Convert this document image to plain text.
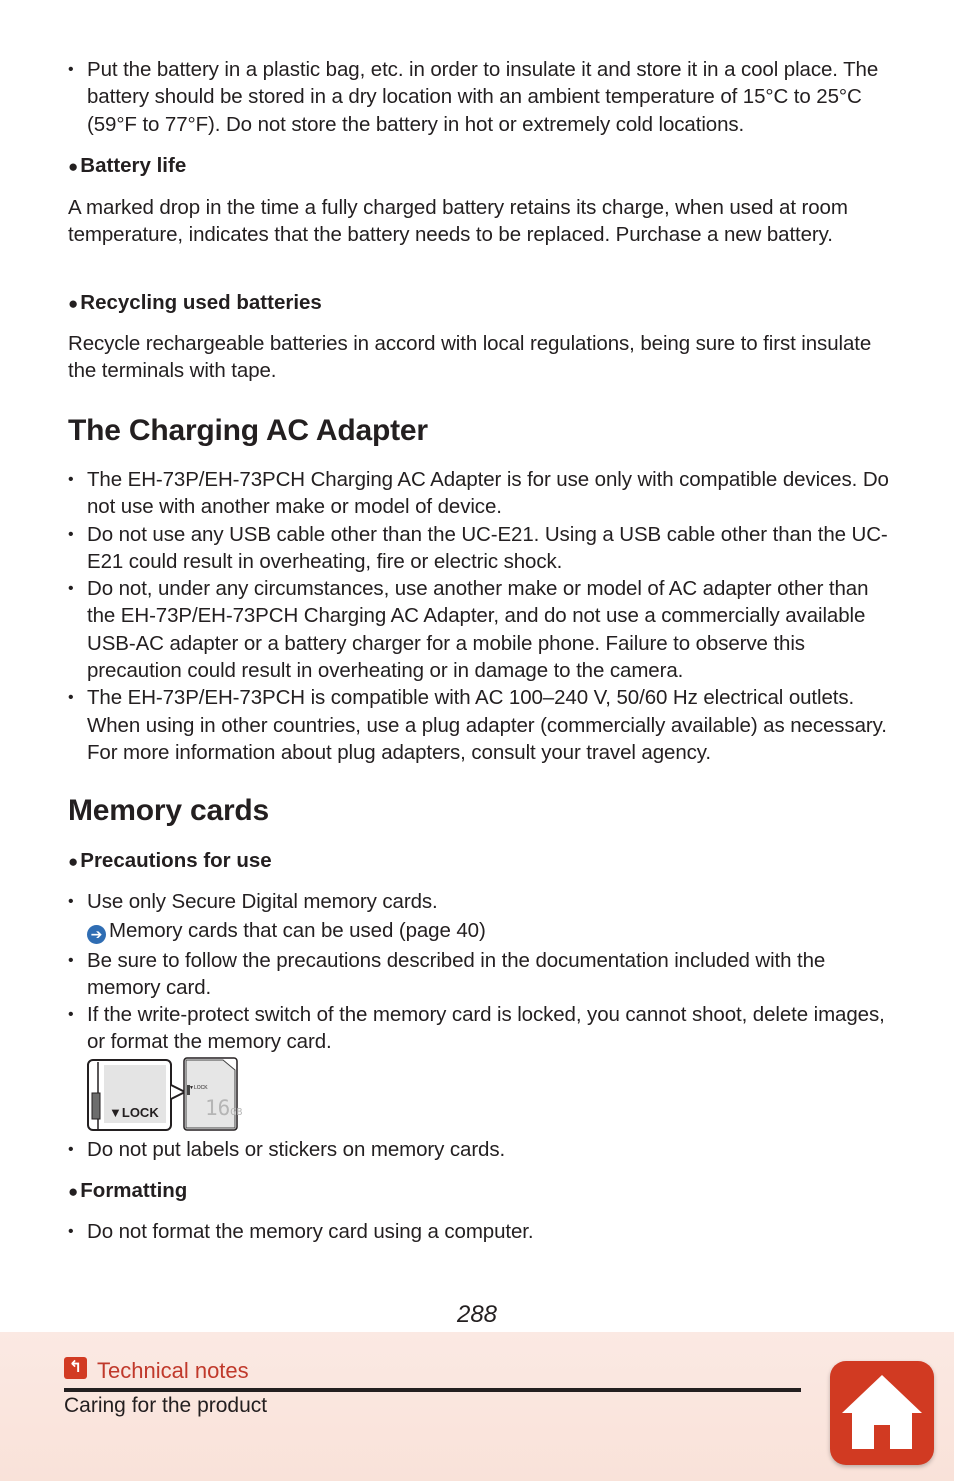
• Put the battery in a plastic bag, etc. in order to insulate it and store it in a cool place. The battery should be stored in a dry location with an ambient temperature of 15°C to 25°C (59°F to 77°F). Do not store the battery in hot or extremely cold locations.

●Battery life

A marked drop in the time a fully charged battery retains its charge, when used at room temperature, indicates that the battery needs to be replaced. Purchase a new battery.

●Recycling used batteries

Recycle rechargeable batteries in accord with local regulations, being sure to first insulate the terminals with tape.

The Charging AC Adapter
• The EH-73P/EH-73PCH Charging AC Adapter is for use only with compatible devices. Do not use with another make or model of device.
• Do not use any USB cable other than the UC-E21. Using a USB cable other than the UC-E21 could result in overheating, fire or electric shock.
• Do not, under any circumstances, use another make or model of AC adapter other than the EH-73P/EH-73PCH Charging AC Adapter, and do not use a commercially available USB-AC adapter or a battery charger for a mobile phone. Failure to observe this precaution could result in overheating or in damage to the camera.
• The EH-73P/EH-73PCH is compatible with AC 100–240 V, 50/60 Hz electrical outlets. When using in other countries, use a plug adapter (commercially available) as necessary. For more information about plug adapters, consult your travel agency.
Memory cards

●Precautions for use

• Use only Secure Digital memory cards.
➔ Memory cards that can be used (page 40)
• Be sure to follow the precautions described in the documentation included with the memory card.
• If the write-protect switch of the memory card is locked, you cannot shoot, delete images, or format the memory card.
▼LOCK
▼LOCK
16GB
• Do not put labels or stickers on memory cards.

●Formatting

• Do not format the memory card using a computer.
288
↰ Technical notes
Caring for the product
